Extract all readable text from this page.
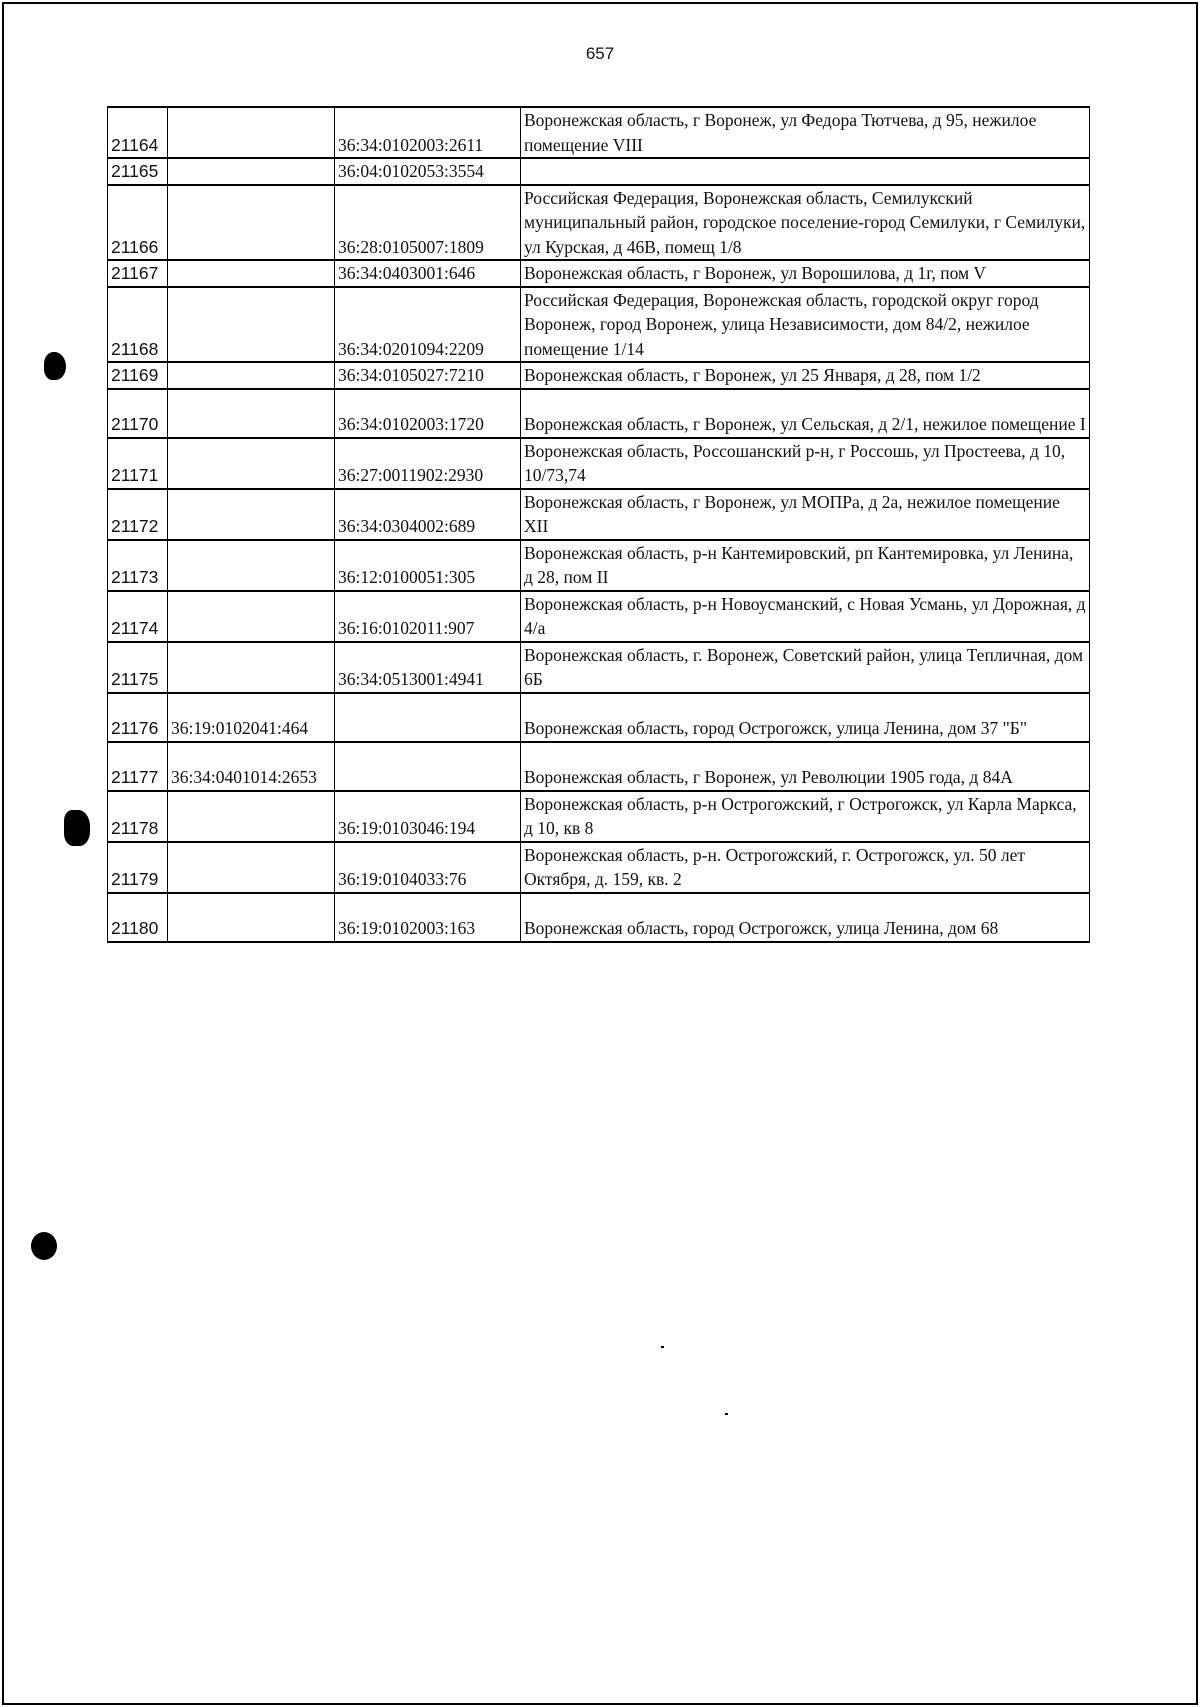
657
21164		36:34:0102003:2611	Воронежская область, г Воронеж, ул Федора Тютчева, д 95, нежилое помещение VIII
21165		36:04:0102053:3554	
21166		36:28:0105007:1809	Российская Федерация, Воронежская область, Семилукский муниципальный район, городское поселение-город Семилуки, г Семилуки, ул Курская, д 46В, помещ 1/8
21167		36:34:0403001:646	Воронежская область, г Воронеж, ул Ворошилова, д 1г, пом V
21168		36:34:0201094:2209	Российская Федерация, Воронежская область, городской округ город Воронеж, город Воронеж, улица Независимости, дом 84/2, нежилое помещение 1/14
21169		36:34:0105027:7210	Воронежская область, г Воронеж, ул 25 Января, д 28, пом 1/2
21170		36:34:0102003:1720	Воронежская область, г Воронеж, ул Сельская, д 2/1, нежилое помещение I
21171		36:27:0011902:2930	Воронежская область, Россошанский р-н, г Россошь, ул Простеева, д 10, 10/73,74
21172		36:34:0304002:689	Воронежская область, г Воронеж, ул МОПРа, д 2а, нежилое помещение XII
21173		36:12:0100051:305	Воронежская область, р-н Кантемировский, рп Кантемировка, ул Ленина, д 28, пом II
21174		36:16:0102011:907	Воронежская область, р-н Новоусманский, с Новая Усмань, ул Дорожная, д 4/а
21175		36:34:0513001:4941	Воронежская область, г. Воронеж, Советский район, улица Тепличная, дом 6Б
21176	36:19:0102041:464		Воронежская область, город Острогожск, улица Ленина, дом 37 "Б"
21177	36:34:0401014:2653		Воронежская область, г Воронеж, ул Революции 1905 года, д 84А
21178		36:19:0103046:194	Воронежская область, р-н Острогожский, г Острогожск, ул Карла Маркса, д 10, кв 8
21179		36:19:0104033:76	Воронежская область, р-н. Острогожский, г. Острогожск, ул. 50 лет Октября, д. 159, кв. 2
21180		36:19:0102003:163	Воронежская область, город Острогожск, улица Ленина, дом 68
